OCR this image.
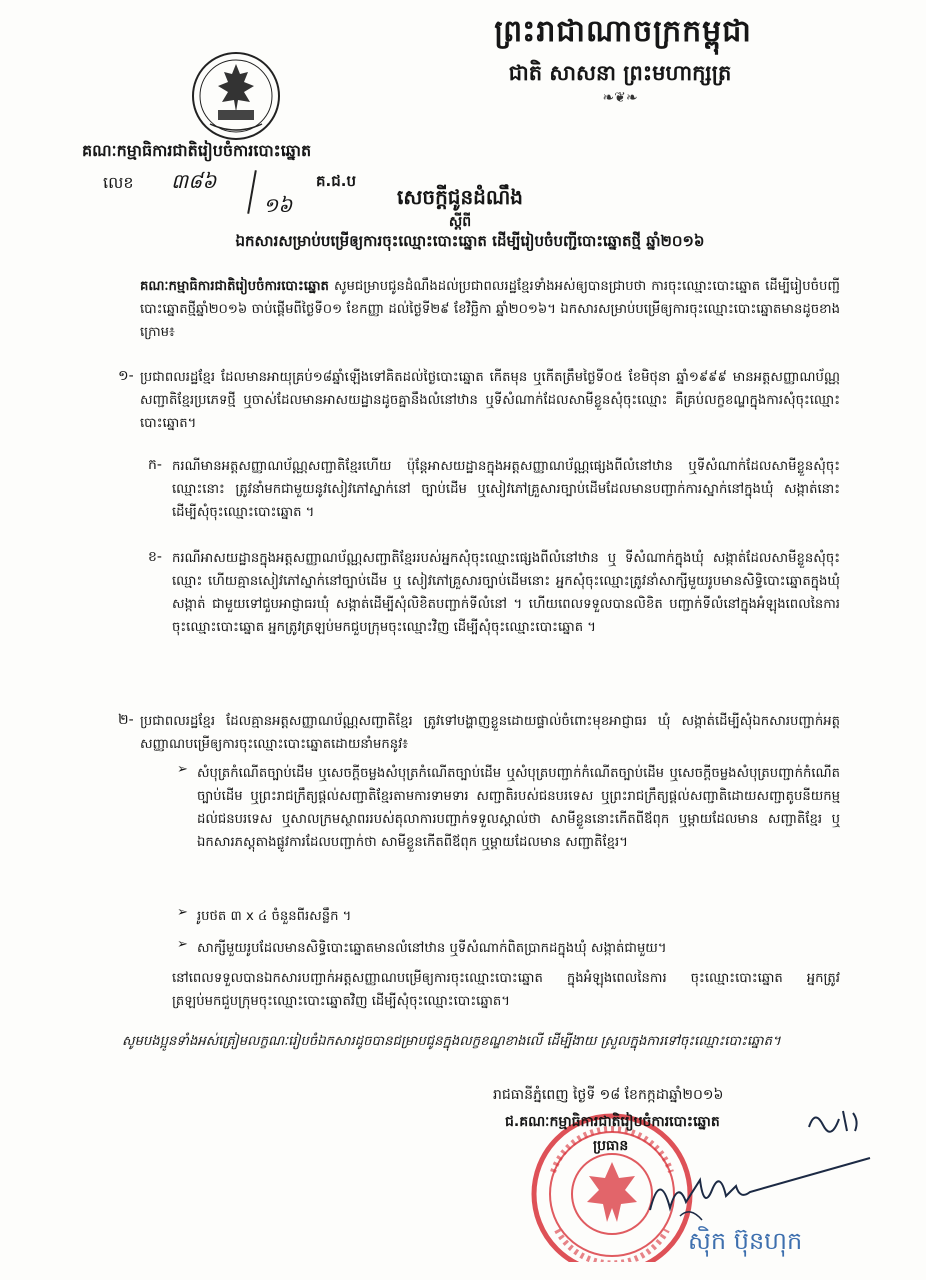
ព្រះរាជាណាចក្រកម្ពុជា
ជាតិ សាសនា ព្រះមហាក្សត្រ
❧❦❧
គណៈកម្មាធិការជាតិរៀបចំការបោះឆ្នោត
លេខ ៣៨៦
១៦
គ.ជ.ប
សេចក្តីជូនដំណឹង
ស្តីពី
ឯកសារសម្រាប់បម្រើឲ្យការចុះឈ្មោះបោះឆ្នោត ដើម្បីរៀបចំបញ្ជីបោះឆ្នោតថ្មី ឆ្នាំ២០១៦
គណៈកម្មាធិការជាតិរៀបចំការបោះឆ្នោត សូមជម្រាបជូនដំណឹងដល់ប្រជាពលរដ្ឋខ្មែរទាំងអស់ឲ្យបានជ្រាបថា ការចុះឈ្មោះបោះឆ្នោត ដើម្បីរៀបចំបញ្ជីបោះឆ្នោតថ្មីឆ្នាំ២០១៦ ចាប់ផ្តើមពីថ្ងៃទី០១ ខែកញ្ញា ដល់ថ្ងៃទី២៩ ខែវិច្ឆិកា ឆ្នាំ២០១៦។ ឯកសារសម្រាប់បម្រើឲ្យការចុះឈ្មោះបោះឆ្នោតមានដូចខាងក្រោម៖
១- ប្រជាពលរដ្ឋខ្មែរ ដែលមានអាយុគ្រប់១៨ឆ្នាំឡើងទៅគិតដល់ថ្ងៃបោះឆ្នោត កើតមុន ឬកើតត្រឹមថ្ងៃទី០៥ ខែមិថុនា ឆ្នាំ១៩៩៩ មានអត្តសញ្ញាណប័ណ្ណសញ្ជាតិខ្មែរប្រភេទថ្មី ឬចាស់ដែលមានអាសយដ្ឋានដូចគ្នានឹងលំនៅឋាន ឬទីសំណាក់ដែលសាមីខ្លួនសុំចុះឈ្មោះ គឺគ្រប់លក្ខខណ្ឌក្នុងការសុំចុះឈ្មោះបោះឆ្នោត។
ក- ករណីមានអត្តសញ្ញាណប័ណ្ណសញ្ជាតិខ្មែរហើយ ប៉ុន្តែអាសយដ្ឋានក្នុងអត្តសញ្ញាណប័ណ្ណផ្សេងពីលំនៅឋាន ឬទីសំណាក់ដែលសាមីខ្លួនសុំចុះឈ្មោះនោះ ត្រូវនាំមកជាមួយនូវសៀវភៅស្នាក់នៅ ច្បាប់ដើម ឬសៀវភៅគ្រួសារច្បាប់ដើមដែលមានបញ្ជាក់ការស្នាក់នៅក្នុងឃុំ សង្កាត់នោះ ដើម្បីសុំចុះឈ្មោះបោះឆ្នោត ។
ខ- ករណីអាសយដ្ឋានក្នុងអត្តសញ្ញាណប័ណ្ណសញ្ជាតិខ្មែររបស់អ្នកសុំចុះឈ្មោះផ្សេងពីលំនៅឋាន ឬ ទីសំណាក់ក្នុងឃុំ សង្កាត់ដែលសាមីខ្លួនសុំចុះឈ្មោះ ហើយគ្មានសៀវភៅស្នាក់នៅច្បាប់ដើម ឬ សៀវភៅគ្រួសារច្បាប់ដើមនោះ អ្នកសុំចុះឈ្មោះត្រូវនាំសាក្សីមួយរូបមានសិទ្ធិបោះឆ្នោតក្នុងឃុំ សង្កាត់ ជាមួយទៅជួបអាជ្ញាធរឃុំ សង្កាត់ដើម្បីសុំលិខិតបញ្ជាក់ទីលំនៅ ។ ហើយពេលទទួលបានលិខិត បញ្ជាក់ទីលំនៅក្នុងអំឡុងពេលនៃការចុះឈ្មោះបោះឆ្នោត អ្នកត្រូវត្រឡប់មកជួបក្រុមចុះឈ្មោះវិញ ដើម្បីសុំចុះឈ្មោះបោះឆ្នោត ។
២- ប្រជាពលរដ្ឋខ្មែរ ដែលគ្មានអត្តសញ្ញាណប័ណ្ណសញ្ជាតិខ្មែរ ត្រូវទៅបង្ហាញខ្លួនដោយផ្ទាល់ចំពោះមុខអាជ្ញាធរ ឃុំ សង្កាត់ដើម្បីសុំឯកសារបញ្ជាក់អត្តសញ្ញាណបម្រើឲ្យការចុះឈ្មោះបោះឆ្នោតដោយនាំមកនូវ៖
➢ សំបុត្រកំណើតច្បាប់ដើម ឬសេចក្តីចម្លងសំបុត្រកំណើតច្បាប់ដើម ឬសំបុត្របញ្ជាក់កំណើតច្បាប់ដើម ឬសេចក្តីចម្លងសំបុត្របញ្ជាក់កំណើតច្បាប់ដើម ឬព្រះរាជក្រឹត្យផ្តល់សញ្ជាតិខ្មែរតាមការទាមទារ សញ្ជាតិរបស់ជនបរទេស ឬព្រះរាជក្រឹត្យផ្តល់សញ្ជាតិដោយសញ្ជាតូបនីយកម្មដល់ជនបរទេស ឬសាលក្រមស្ថាពររបស់តុលាការបញ្ជាក់ទទួលស្គាល់ថា សាមីខ្លួននោះកើតពីឪពុក ឬម្តាយដែលមាន សញ្ជាតិខ្មែរ ឬឯកសារភស្តុតាងផ្លូវការដែលបញ្ជាក់ថា សាមីខ្លួនកើតពីឪពុក ឬម្តាយដែលមាន សញ្ជាតិខ្មែរ។
➢ រូបថត ៣ x ៤ ចំនួនពីរសន្លឹក ។
➢ សាក្សីមួយរូបដែលមានសិទ្ធិបោះឆ្នោតមានលំនៅឋាន ឬទីសំណាក់ពិតប្រាកដក្នុងឃុំ សង្កាត់ជាមួយ។
នៅពេលទទួលបានឯកសារបញ្ជាក់អត្តសញ្ញាណបម្រើឲ្យការចុះឈ្មោះបោះឆ្នោត ក្នុងអំឡុងពេលនៃការ ចុះឈ្មោះបោះឆ្នោត អ្នកត្រូវត្រឡប់មកជួបក្រុមចុះឈ្មោះបោះឆ្នោតវិញ ដើម្បីសុំចុះឈ្មោះបោះឆ្នោត។
សូមបងប្អូនទាំងអស់ត្រៀមលក្ខណៈរៀបចំឯកសារដូចបានជម្រាបជូនក្នុងលក្ខខណ្ឌខាងលើ ដើម្បីងាយ ស្រួលក្នុងការទៅចុះឈ្មោះបោះឆ្នោត។
រាជធានីភ្នំពេញ ថ្ងៃទី ១៨ ខែកក្កដាឆ្នាំ២០១៦
ជ.គណៈកម្មាធិការជាតិរៀបចំការបោះឆ្នោត
ប្រធាន
ស៊ិក ប៊ុនហុក
